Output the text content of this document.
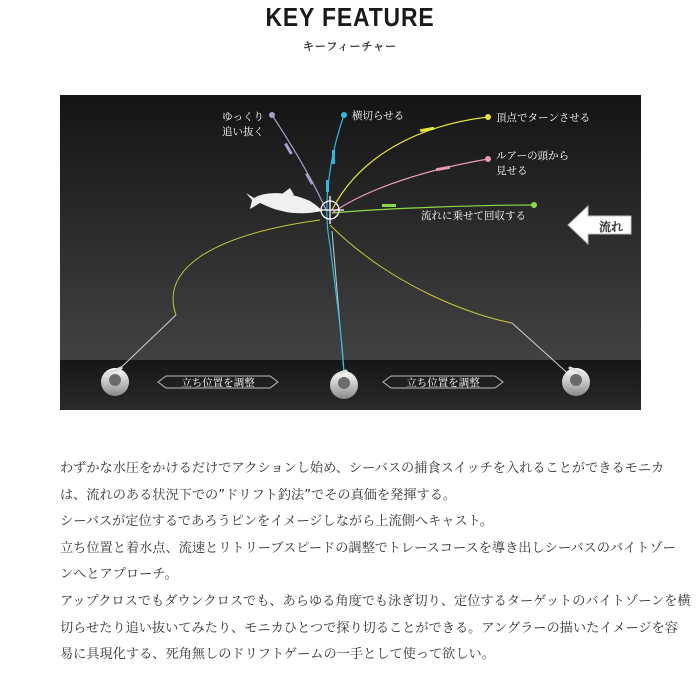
KEY FEATURE
キーフィーチャー
ゆっくり
追い抜く
横切らせる	頂点でターンさせる
ルアーの頭から
見せる
流れに乗せて回収する
流れ
立ち位置を調整	立ち位置を調整

わずかな水圧をかけるだけでアクションし始め、シーバスの捕食スイッチを入れることができるモニカ

は、流れのある状況下での”ドリフト釣法”でその真価を発揮する。

シーバスが定位するであろうピンをイメージしながら上流側へキャスト。

立ち位置と着水点、流速とリトリーブスピードの調整でトレースコースを導き出しシーバスのバイトゾー

ンへとアプローチ。

アップクロスでもダウンクロスでも、あらゆる角度でも泳ぎ切り、定位するターゲットのバイトゾーンを横

切らせたり追い抜いてみたり、モニカひとつで探り切ることができる。アングラーの描いたイメージを容

易に具現化する、死角無しのドリフトゲームの一手として使って欲しい。
